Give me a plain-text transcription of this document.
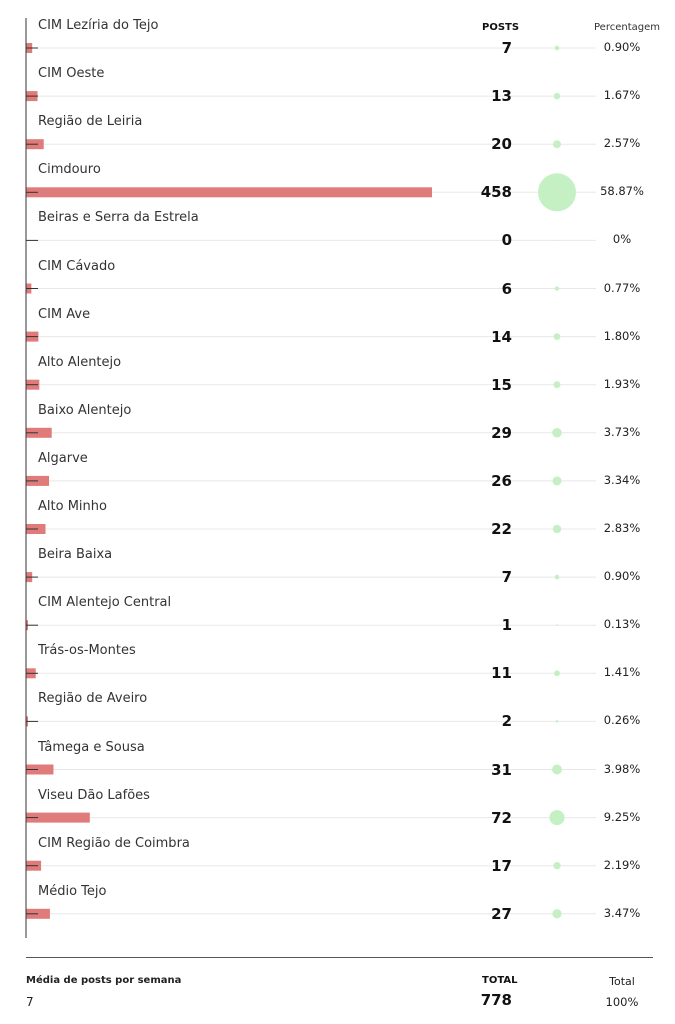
POSTS	Percentagem
CIM Lezíria do Tejo
7	0.90%
CIM Oeste
13	1.67%
Região de Leiria
20	2.57%
Cimdouro
458	58.87%
Beiras e Serra da Estrela
0	0%
CIM Cávado
6	0.77%
CIM Ave
14	1.80%
Alto Alentejo
15	1.93%
Baixo Alentejo
29	3.73%
Algarve
26	3.34%
Alto Minho
22	2.83%
Beira Baixa
7	0.90%
CIM Alentejo Central
1	0.13%
Trás-os-Montes
11	1.41%
Região de Aveiro
2	0.26%
Tâmega e Sousa
31	3.98%
Viseu Dão Lafões
72	9.25%
CIM Região de Coimbra
17	2.19%
Médio Tejo
27	3.47%
Média de posts por semana
7
TOTAL
778
Total
100%
